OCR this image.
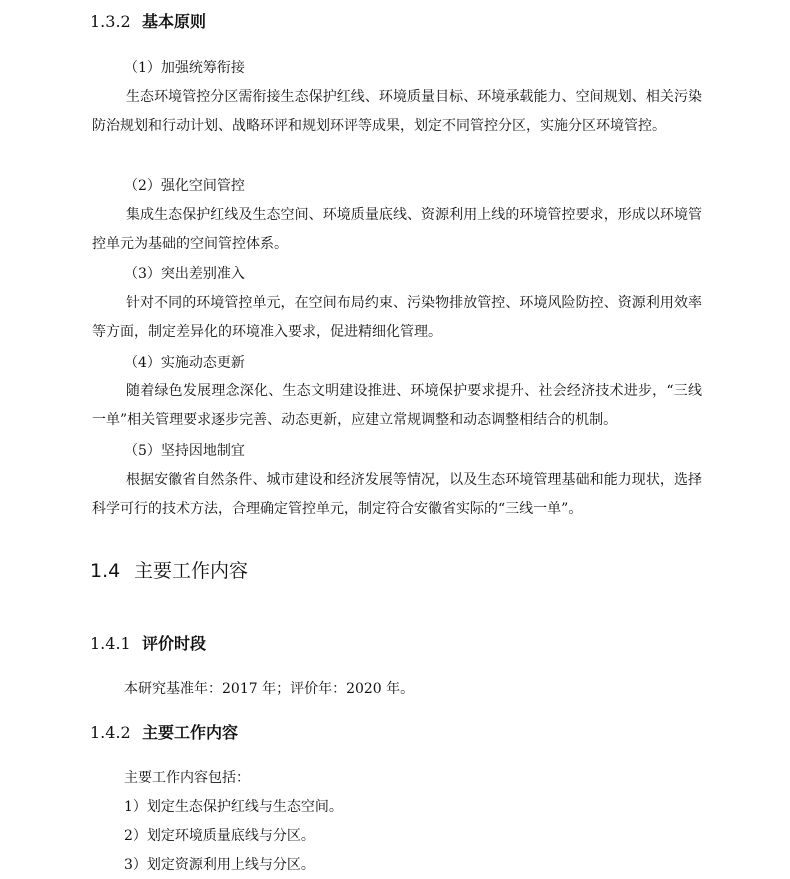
1.3.2 基本原则
（1）加强统筹衔接
生态环境管控分区需衔接生态保护红线、环境质量目标、环境承载能力、空间规划、相关污染防治规划和行动计划、战略环评和规划环评等成果，划定不同管控分区，实施分区环境管控。
（2）强化空间管控
集成生态保护红线及生态空间、环境质量底线、资源利用上线的环境管控要求，形成以环境管控单元为基础的空间管控体系。
（3）突出差别准入
针对不同的环境管控单元，在空间布局约束、污染物排放管控、环境风险防控、资源利用效率等方面，制定差异化的环境准入要求，促进精细化管理。
（4）实施动态更新
随着绿色发展理念深化、生态文明建设推进、环境保护要求提升、社会经济技术进步，“三线一单”相关管理要求逐步完善、动态更新，应建立常规调整和动态调整相结合的机制。
（5）坚持因地制宜
根据安徽省自然条件、城市建设和经济发展等情况，以及生态环境管理基础和能力现状，选择科学可行的技术方法，合理确定管控单元，制定符合安徽省实际的“三线一单”。
1.4 主要工作内容
1.4.1 评价时段
本研究基准年：2017 年；评价年：2020 年。
1.4.2 主要工作内容
主要工作内容包括：
1）划定生态保护红线与生态空间。
2）划定环境质量底线与分区。
3）划定资源利用上线与分区。
